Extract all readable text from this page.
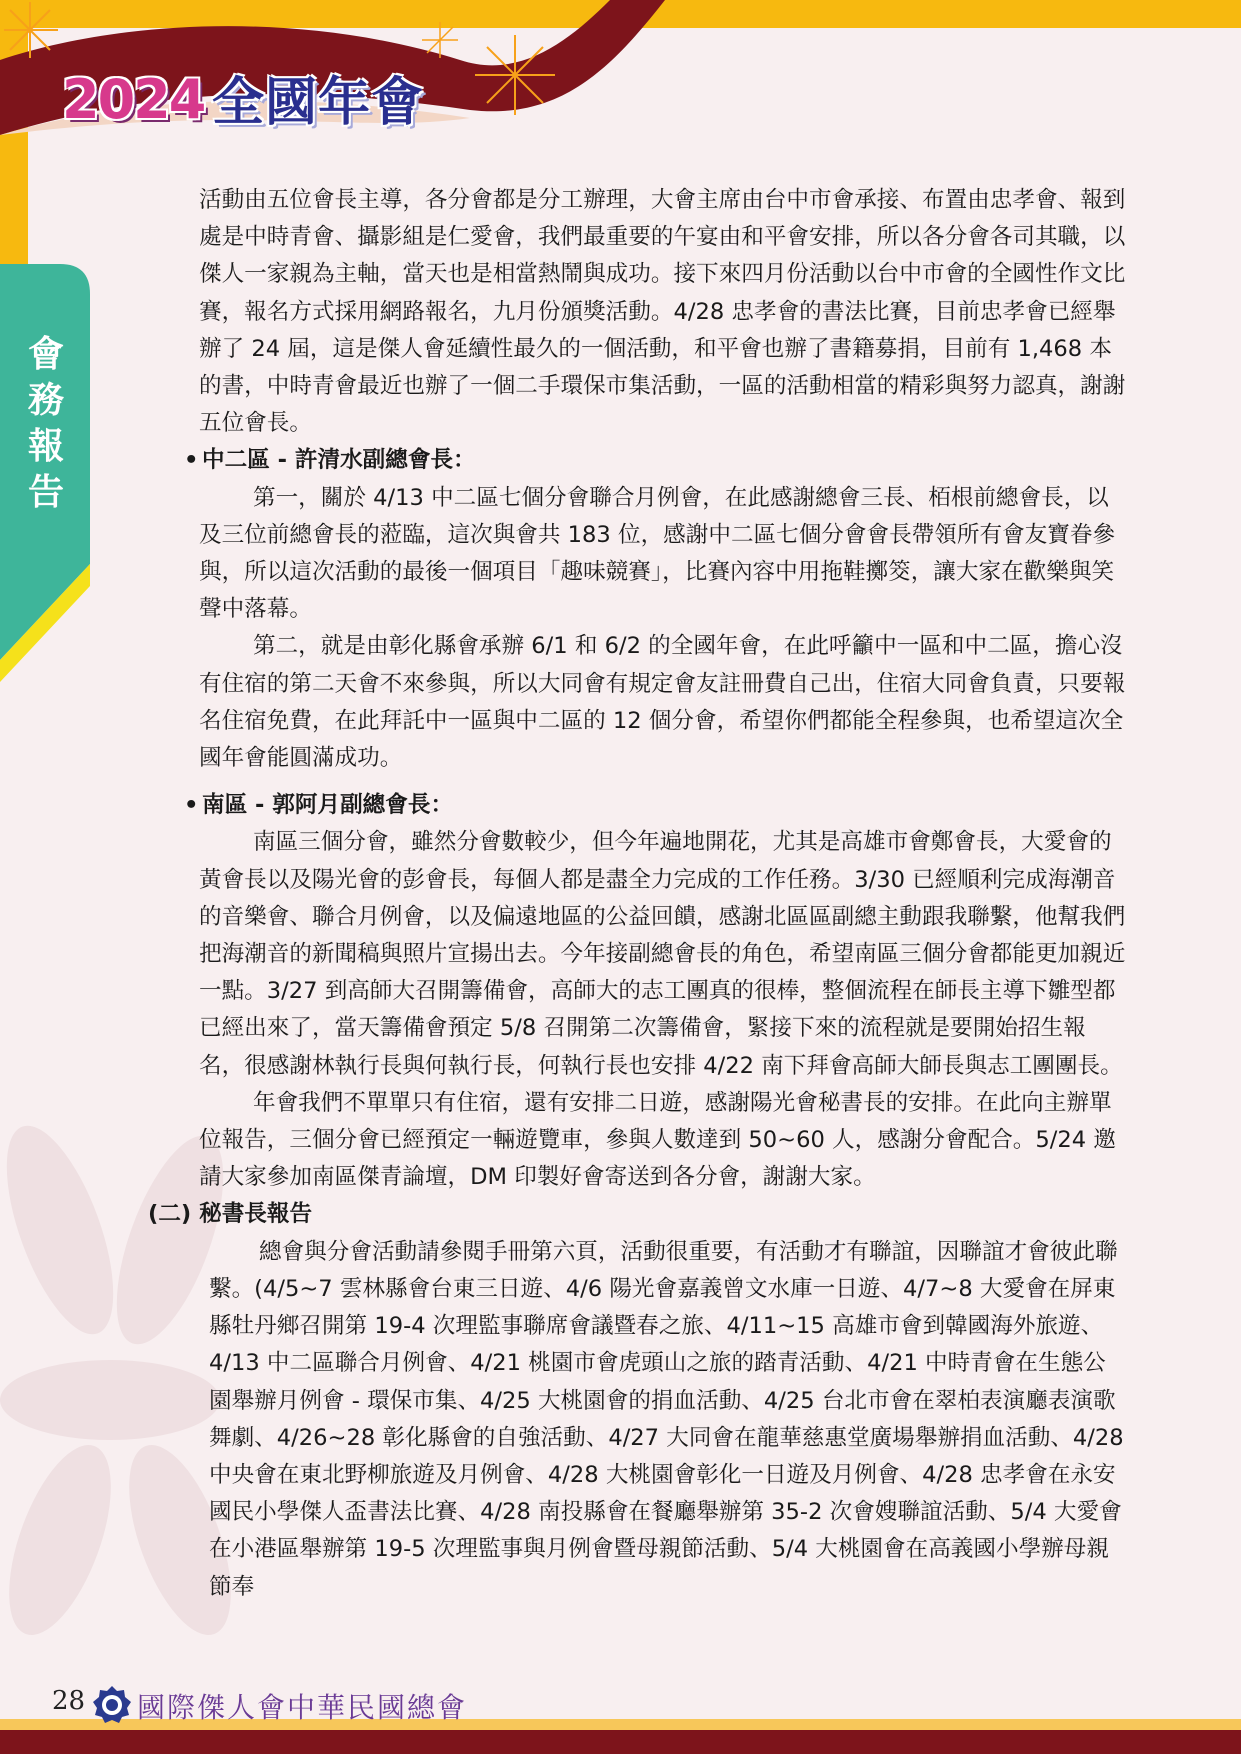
2024 全國年會
會務報告

活動由五位會長主導，各分會都是分工辦理，大會主席由台中市會承接、布置由忠孝會、報到處是中時青會、攝影組是仁愛會，我們最重要的午宴由和平會安排，所以各分會各司其職，以傑人一家親為主軸，當天也是相當熱鬧與成功。接下來四月份活動以台中市會的全國性作文比賽，報名方式採用網路報名，九月份頒獎活動。4/28 忠孝會的書法比賽，目前忠孝會已經舉辦了 24 屆，這是傑人會延續性最久的一個活動，和平會也辦了書籍募捐，目前有 1,468 本的書，中時青會最近也辦了一個二手環保市集活動，一區的活動相當的精彩與努力認真，謝謝五位會長。

• 中二區 - 許清水副總會長：

第一，關於 4/13 中二區七個分會聯合月例會，在此感謝總會三長、栢根前總會長，以及三位前總會長的蒞臨，這次與會共 183 位，感謝中二區七個分會會長帶領所有會友寶眷參與，所以這次活動的最後一個項目「趣味競賽」，比賽內容中用拖鞋擲筊，讓大家在歡樂與笑聲中落幕。

第二，就是由彰化縣會承辦 6/1 和 6/2 的全國年會，在此呼籲中一區和中二區，擔心沒有住宿的第二天會不來參與，所以大同會有規定會友註冊費自己出，住宿大同會負責，只要報名住宿免費，在此拜託中一區與中二區的 12 個分會，希望你們都能全程參與，也希望這次全國年會能圓滿成功。

• 南區 - 郭阿月副總會長：

南區三個分會，雖然分會數較少，但今年遍地開花，尤其是高雄市會鄭會長，大愛會的黃會長以及陽光會的彭會長，每個人都是盡全力完成的工作任務。3/30 已經順利完成海潮音的音樂會、聯合月例會，以及偏遠地區的公益回饋，感謝北區區副總主動跟我聯繫，他幫我們把海潮音的新聞稿與照片宣揚出去。今年接副總會長的角色，希望南區三個分會都能更加親近一點。3/27 到高師大召開籌備會，高師大的志工團真的很棒，整個流程在師長主導下雛型都已經出來了，當天籌備會預定 5/8 召開第二次籌備會，緊接下來的流程就是要開始招生報名，很感謝林執行長與何執行長，何執行長也安排 4/22 南下拜會高師大師長與志工團團長。

年會我們不單單只有住宿，還有安排二日遊，感謝陽光會秘書長的安排。在此向主辦單位報告，三個分會已經預定一輛遊覽車，參與人數達到 50~60 人，感謝分會配合。5/24 邀請大家參加南區傑青論壇，DM 印製好會寄送到各分會，謝謝大家。

(二) 秘書長報告

總會與分會活動請參閱手冊第六頁，活動很重要，有活動才有聯誼，因聯誼才會彼此聯繫。(4/5~7 雲林縣會台東三日遊、4/6 陽光會嘉義曾文水庫一日遊、4/7~8 大愛會在屏東縣牡丹鄉召開第 19-4 次理監事聯席會議暨春之旅、4/11~15 高雄市會到韓國海外旅遊、4/13 中二區聯合月例會、4/21 桃園市會虎頭山之旅的踏青活動、4/21 中時青會在生態公園舉辦月例會 - 環保市集、4/25 大桃園會的捐血活動、4/25 台北市會在翠柏表演廳表演歌舞劇、4/26~28 彰化縣會的自強活動、4/27 大同會在龍華慈惠堂廣場舉辦捐血活動、4/28 中央會在東北野柳旅遊及月例會、4/28 大桃園會彰化一日遊及月例會、4/28 忠孝會在永安國民小學傑人盃書法比賽、4/28 南投縣會在餐廳舉辦第 35-2 次會嫂聯誼活動、5/4 大愛會在小港區舉辦第 19-5 次理監事與月例會暨母親節活動、5/4 大桃園會在高義國小學辦母親節奉

28 國際傑人會中華民國總會
